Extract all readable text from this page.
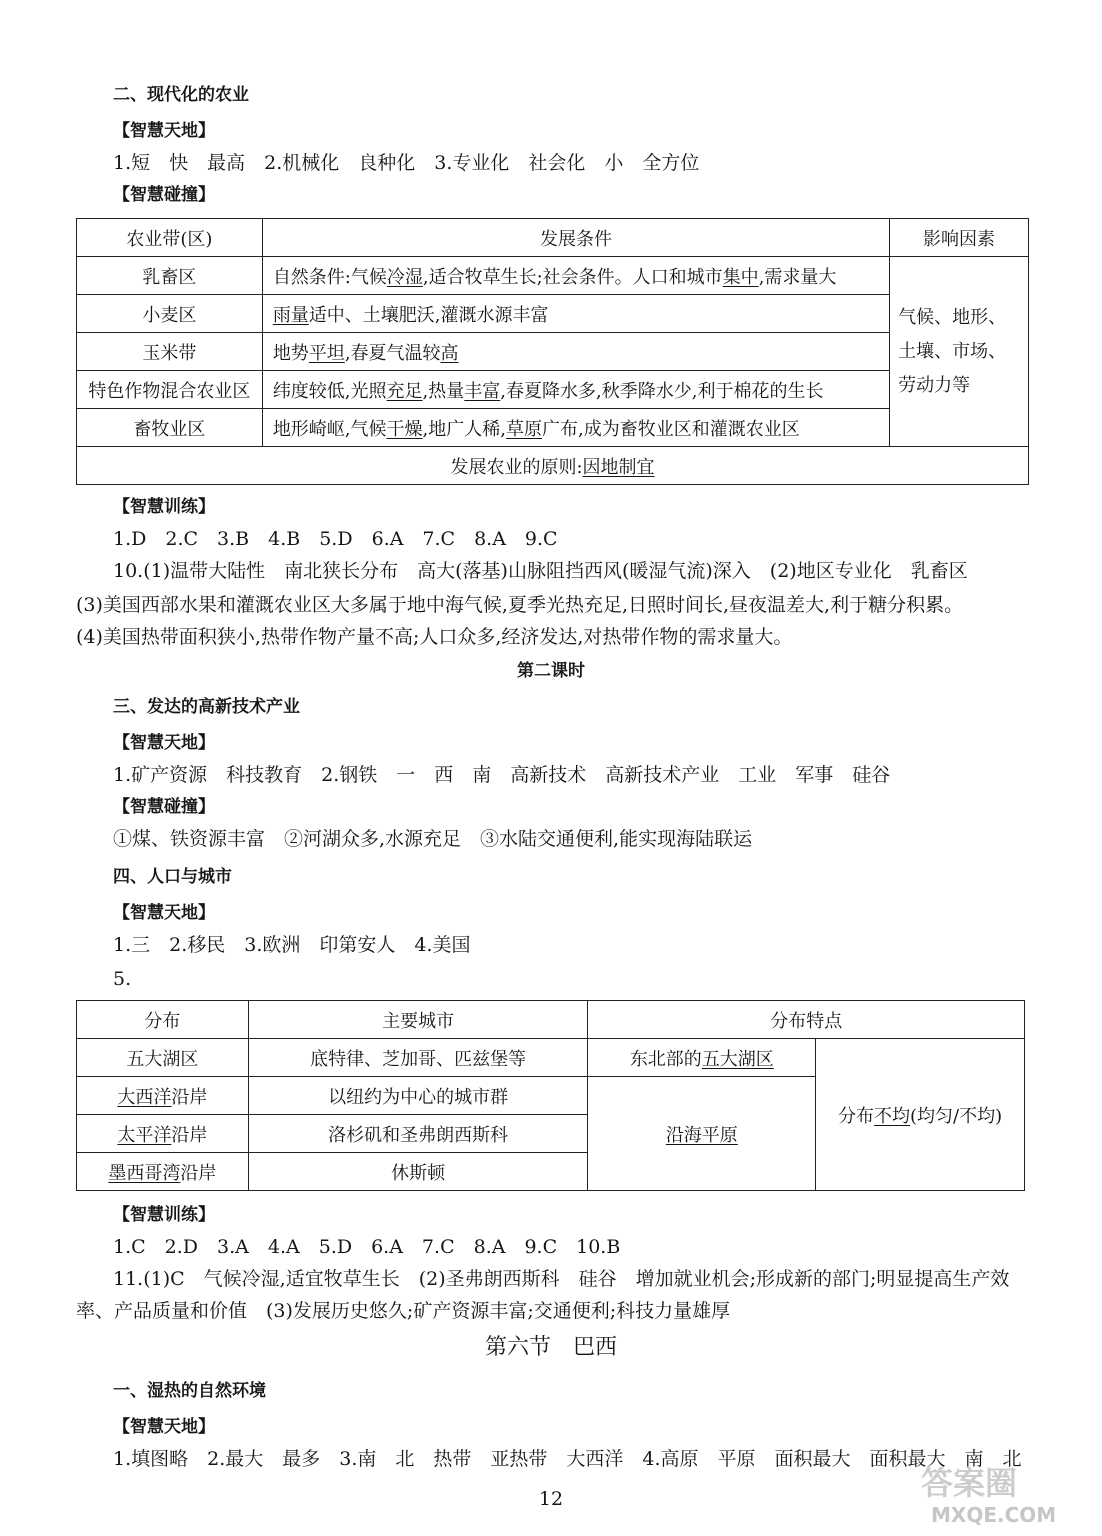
二、现代化的农业
【智慧天地】
1.短　快　最高　2.机械化　良种化　3.专业化　社会化　小　全方位
【智慧碰撞】
农业带(区)	发展条件	影响因素
乳畜区	自然条件:气候冷湿,适合牧草生长;社会条件。人口和城市集中,需求量大	气候、地形、土壤、市场、劳动力等
小麦区	雨量适中、土壤肥沃,灌溉水源丰富	
玉米带	地势平坦,春夏气温较高	
特色作物混合农业区	纬度较低,光照充足,热量丰富,春夏降水多,秋季降水少,利于棉花的生长	
畜牧业区	地形崎岖,气候干燥,地广人稀,草原广布,成为畜牧业区和灌溉农业区	
发展农业的原则:因地制宜		
【智慧训练】
1.D　2.C　3.B　4.B　5.D　6.A　7.C　8.A　9.C
10.(1)温带大陆性　南北狭长分布　高大(落基)山脉阻挡西风(暖湿气流)深入　(2)地区专业化　乳畜区
(3)美国西部水果和灌溉农业区大多属于地中海气候,夏季光热充足,日照时间长,昼夜温差大,利于糖分积累。
(4)美国热带面积狭小,热带作物产量不高;人口众多,经济发达,对热带作物的需求量大。
第二课时
三、发达的高新技术产业
【智慧天地】
1.矿产资源　科技教育　2.钢铁　一　西　南　高新技术　高新技术产业　工业　军事　硅谷
【智慧碰撞】
①煤、铁资源丰富　②河湖众多,水源充足　③水陆交通便利,能实现海陆联运
四、人口与城市
【智慧天地】
1.三　2.移民　3.欧洲　印第安人　4.美国
5.
分布	主要城市	分布特点	
五大湖区	底特律、芝加哥、匹兹堡等	东北部的五大湖区	分布不均(均匀/不均)
大西洋沿岸	以纽约为中心的城市群	沿海平原	
太平洋沿岸	洛杉矶和圣弗朗西斯科		
墨西哥湾沿岸	休斯顿		
【智慧训练】
1.C　2.D　3.A　4.A　5.D　6.A　7.C　8.A　9.C　10.B
11.(1)C　气候冷湿,适宜牧草生长　(2)圣弗朗西斯科　硅谷　增加就业机会;形成新的部门;明显提高生产效
率、产品质量和价值　(3)发展历史悠久;矿产资源丰富;交通便利;科技力量雄厚
第六节　巴西
一、湿热的自然环境
【智慧天地】
1.填图略　2.最大　最多　3.南　北　热带　亚热带　大西洋　4.高原　平原　面积最大　面积最大　南　北
12	答案圈
MXQE.COM
